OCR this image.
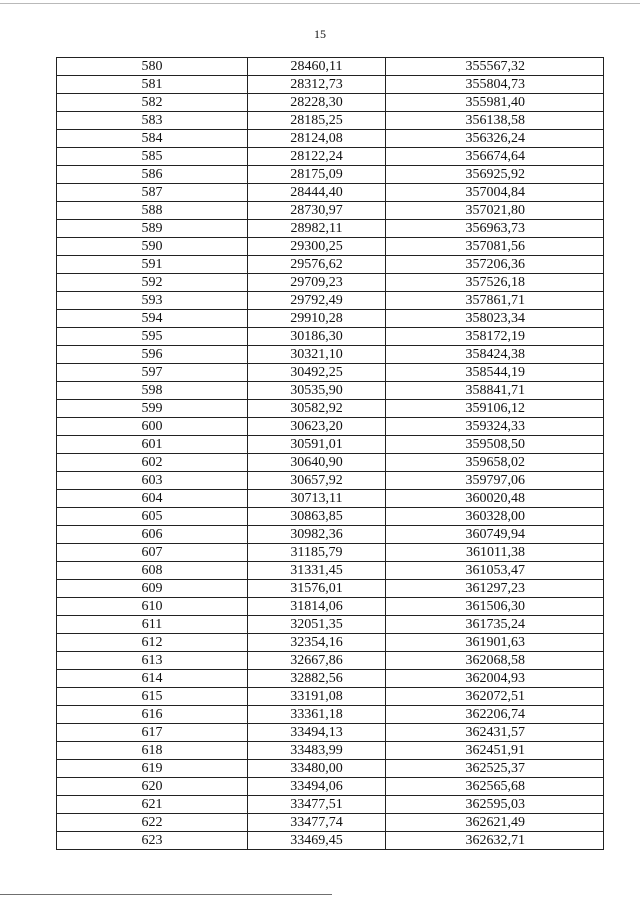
15
580	28460,11	355567,32
581	28312,73	355804,73
582	28228,30	355981,40
583	28185,25	356138,58
584	28124,08	356326,24
585	28122,24	356674,64
586	28175,09	356925,92
587	28444,40	357004,84
588	28730,97	357021,80
589	28982,11	356963,73
590	29300,25	357081,56
591	29576,62	357206,36
592	29709,23	357526,18
593	29792,49	357861,71
594	29910,28	358023,34
595	30186,30	358172,19
596	30321,10	358424,38
597	30492,25	358544,19
598	30535,90	358841,71
599	30582,92	359106,12
600	30623,20	359324,33
601	30591,01	359508,50
602	30640,90	359658,02
603	30657,92	359797,06
604	30713,11	360020,48
605	30863,85	360328,00
606	30982,36	360749,94
607	31185,79	361011,38
608	31331,45	361053,47
609	31576,01	361297,23
610	31814,06	361506,30
611	32051,35	361735,24
612	32354,16	361901,63
613	32667,86	362068,58
614	32882,56	362004,93
615	33191,08	362072,51
616	33361,18	362206,74
617	33494,13	362431,57
618	33483,99	362451,91
619	33480,00	362525,37
620	33494,06	362565,68
621	33477,51	362595,03
622	33477,74	362621,49
623	33469,45	362632,71
